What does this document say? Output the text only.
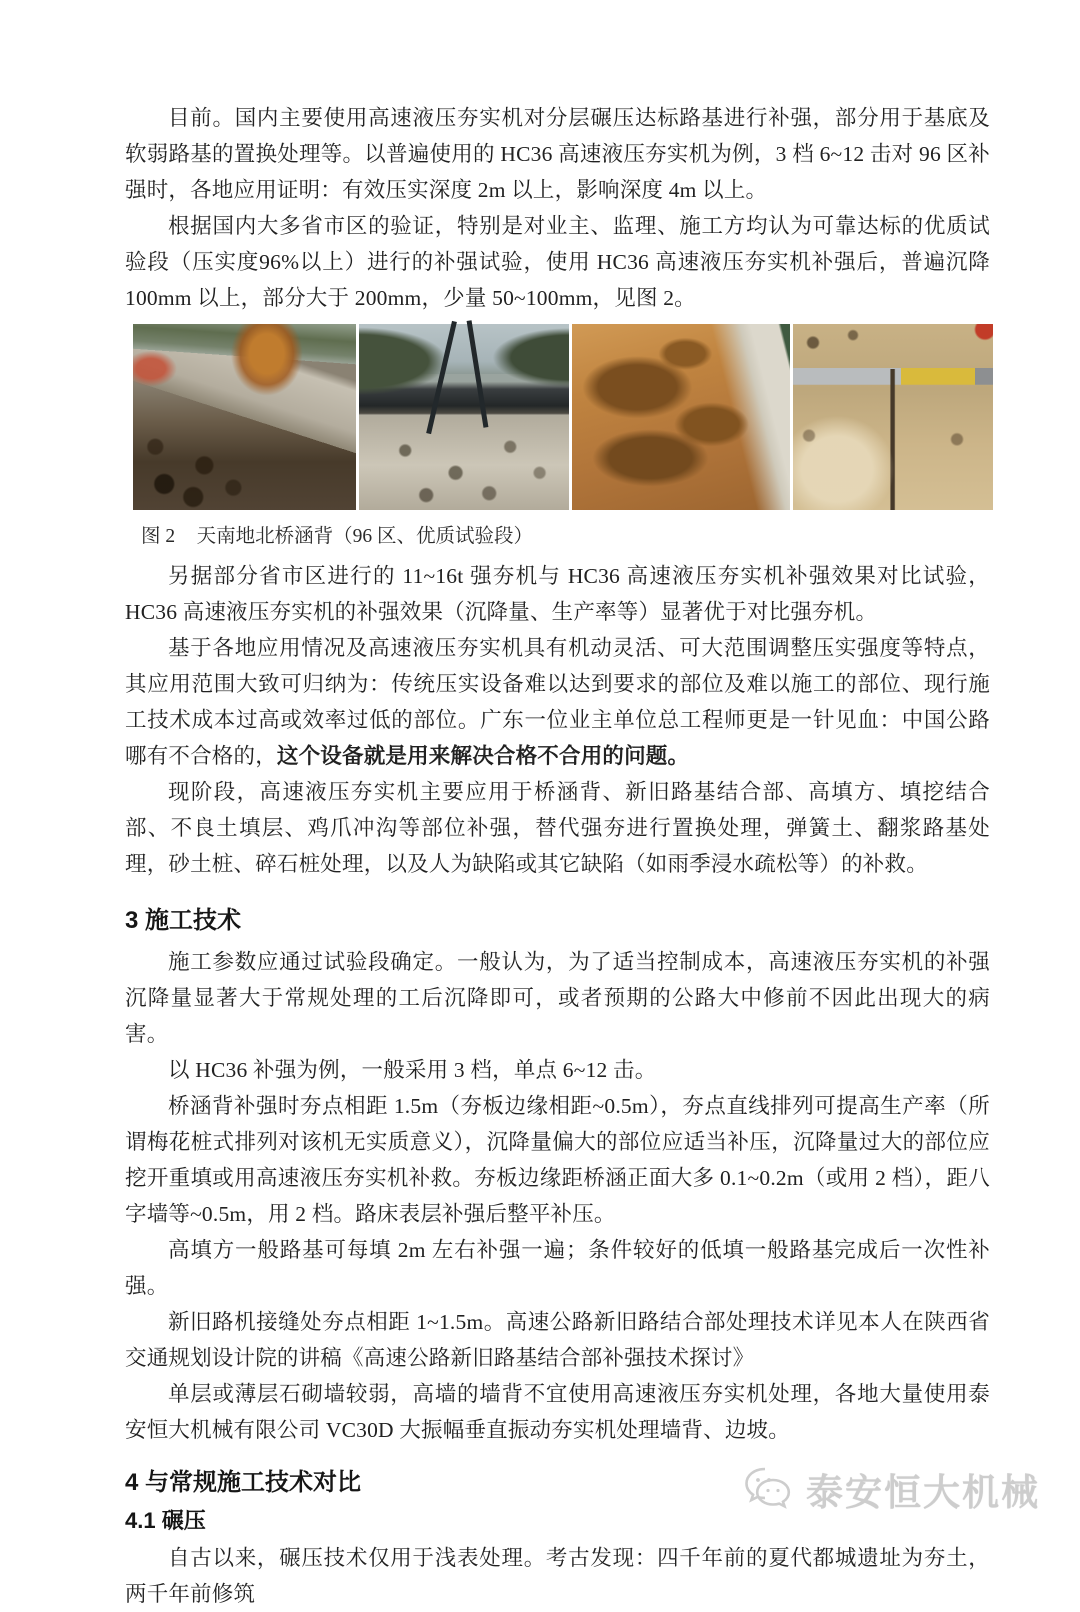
目前。国内主要使用高速液压夯实机对分层碾压达标路基进行补强，部分用于基底及软弱路基的置换处理等。以普遍使用的 HC36 高速液压夯实机为例，3 档 6~12 击对 96 区补强时，各地应用证明：有效压实深度 2m 以上，影响深度 4m 以上。

根据国内大多省市区的验证，特别是对业主、监理、施工方均认为可靠达标的优质试验段（压实度96%以上）进行的补强试验，使用 HC36 高速液压夯实机补强后，普遍沉降 100mm 以上，部分大于 200mm，少量 50~100mm，见图 2。

图 2 天南地北桥涵背（96 区、优质试验段）

另据部分省市区进行的 11~16t 强夯机与 HC36 高速液压夯实机补强效果对比试验，HC36 高速液压夯实机的补强效果（沉降量、生产率等）显著优于对比强夯机。

基于各地应用情况及高速液压夯实机具有机动灵活、可大范围调整压实强度等特点，其应用范围大致可归纳为：传统压实设备难以达到要求的部位及难以施工的部位、现行施工技术成本过高或效率过低的部位。广东一位业主单位总工程师更是一针见血：中国公路哪有不合格的，这个设备就是用来解决合格不合用的问题。

现阶段，高速液压夯实机主要应用于桥涵背、新旧路基结合部、高填方、填挖结合部、不良土填层、鸡爪冲沟等部位补强，替代强夯进行置换处理，弹簧土、翻浆路基处理，砂土桩、碎石桩处理，以及人为缺陷或其它缺陷（如雨季浸水疏松等）的补救。

3 施工技术

施工参数应通过试验段确定。一般认为，为了适当控制成本，高速液压夯实机的补强沉降量显著大于常规处理的工后沉降即可，或者预期的公路大中修前不因此出现大的病害。

以 HC36 补强为例，一般采用 3 档，单点 6~12 击。

桥涵背补强时夯点相距 1.5m（夯板边缘相距~0.5m），夯点直线排列可提高生产率（所谓梅花桩式排列对该机无实质意义），沉降量偏大的部位应适当补压，沉降量过大的部位应挖开重填或用高速液压夯实机补救。夯板边缘距桥涵正面大多 0.1~0.2m（或用 2 档），距八字墙等~0.5m，用 2 档。路床表层补强后整平补压。

高填方一般路基可每填 2m 左右补强一遍；条件较好的低填一般路基完成后一次性补强。

新旧路机接缝处夯点相距 1~1.5m。高速公路新旧路结合部处理技术详见本人在陕西省交通规划设计院的讲稿《高速公路新旧路基结合部补强技术探讨》

单层或薄层石砌墙较弱，高墙的墙背不宜使用高速液压夯实机处理，各地大量使用泰安恒大机械有限公司 VC30D 大振幅垂直振动夯实机处理墙背、边坡。

4 与常规施工技术对比
4.1 碾压

自古以来，碾压技术仅用于浅表处理。考古发现：四千年前的夏代都城遗址为夯土，两千年前修筑

泰安恒大机械
